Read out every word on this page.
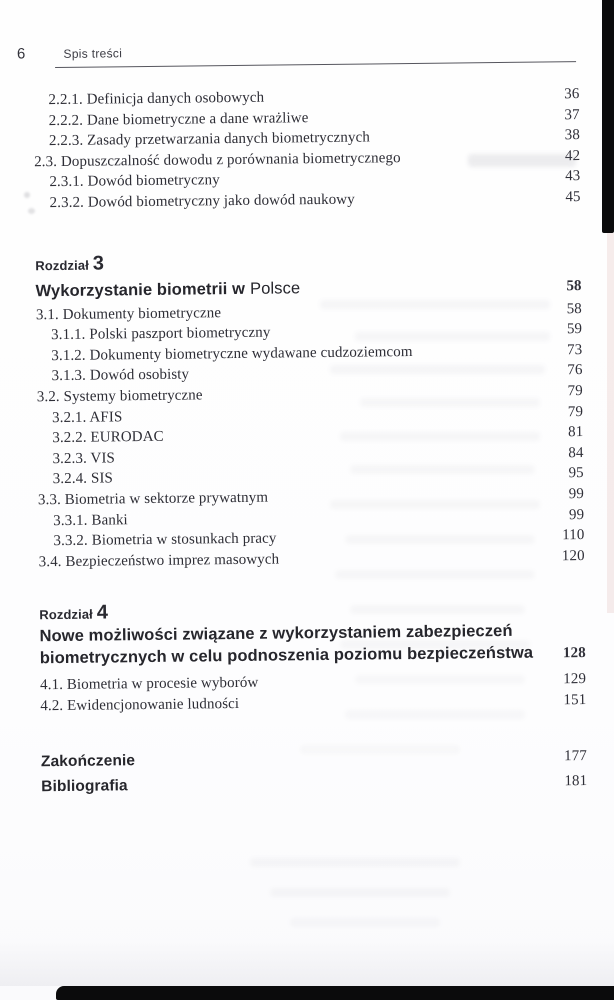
6	Spis treści
2.2.1. Definicja danych osobowych	36
2.2.2. Dane biometryczne a dane wrażliwe	37
2.2.3. Zasady przetwarzania danych biometrycznych	38
2.3. Dopuszczalność dowodu z porównania biometrycznego	42
2.3.1. Dowód biometryczny	43
2.3.2. Dowód biometryczny jako dowód naukowy	45
Rozdział 3
Wykorzystanie biometrii w Polsce	58
3.1. Dokumenty biometryczne	58
3.1.1. Polski paszport biometryczny	59
3.1.2. Dokumenty biometryczne wydawane cudzoziemcom	73
3.1.3. Dowód osobisty	76
3.2. Systemy biometryczne	79
3.2.1. AFIS	79
3.2.2. EURODAC	81
3.2.3. VIS	84
3.2.4. SIS	95
3.3. Biometria w sektorze prywatnym	99
3.3.1. Banki	99
3.3.2. Biometria w stosunkach pracy	110
3.4. Bezpieczeństwo imprez masowych	120
Rozdział 4
Nowe możliwości związane z wykorzystaniem zabezpieczeń
biometrycznych w celu podnoszenia poziomu bezpieczeństwa	128
4.1. Biometria w procesie wyborów	129
4.2. Ewidencjonowanie ludności	151
Zakończenie	177
Bibliografia	181
